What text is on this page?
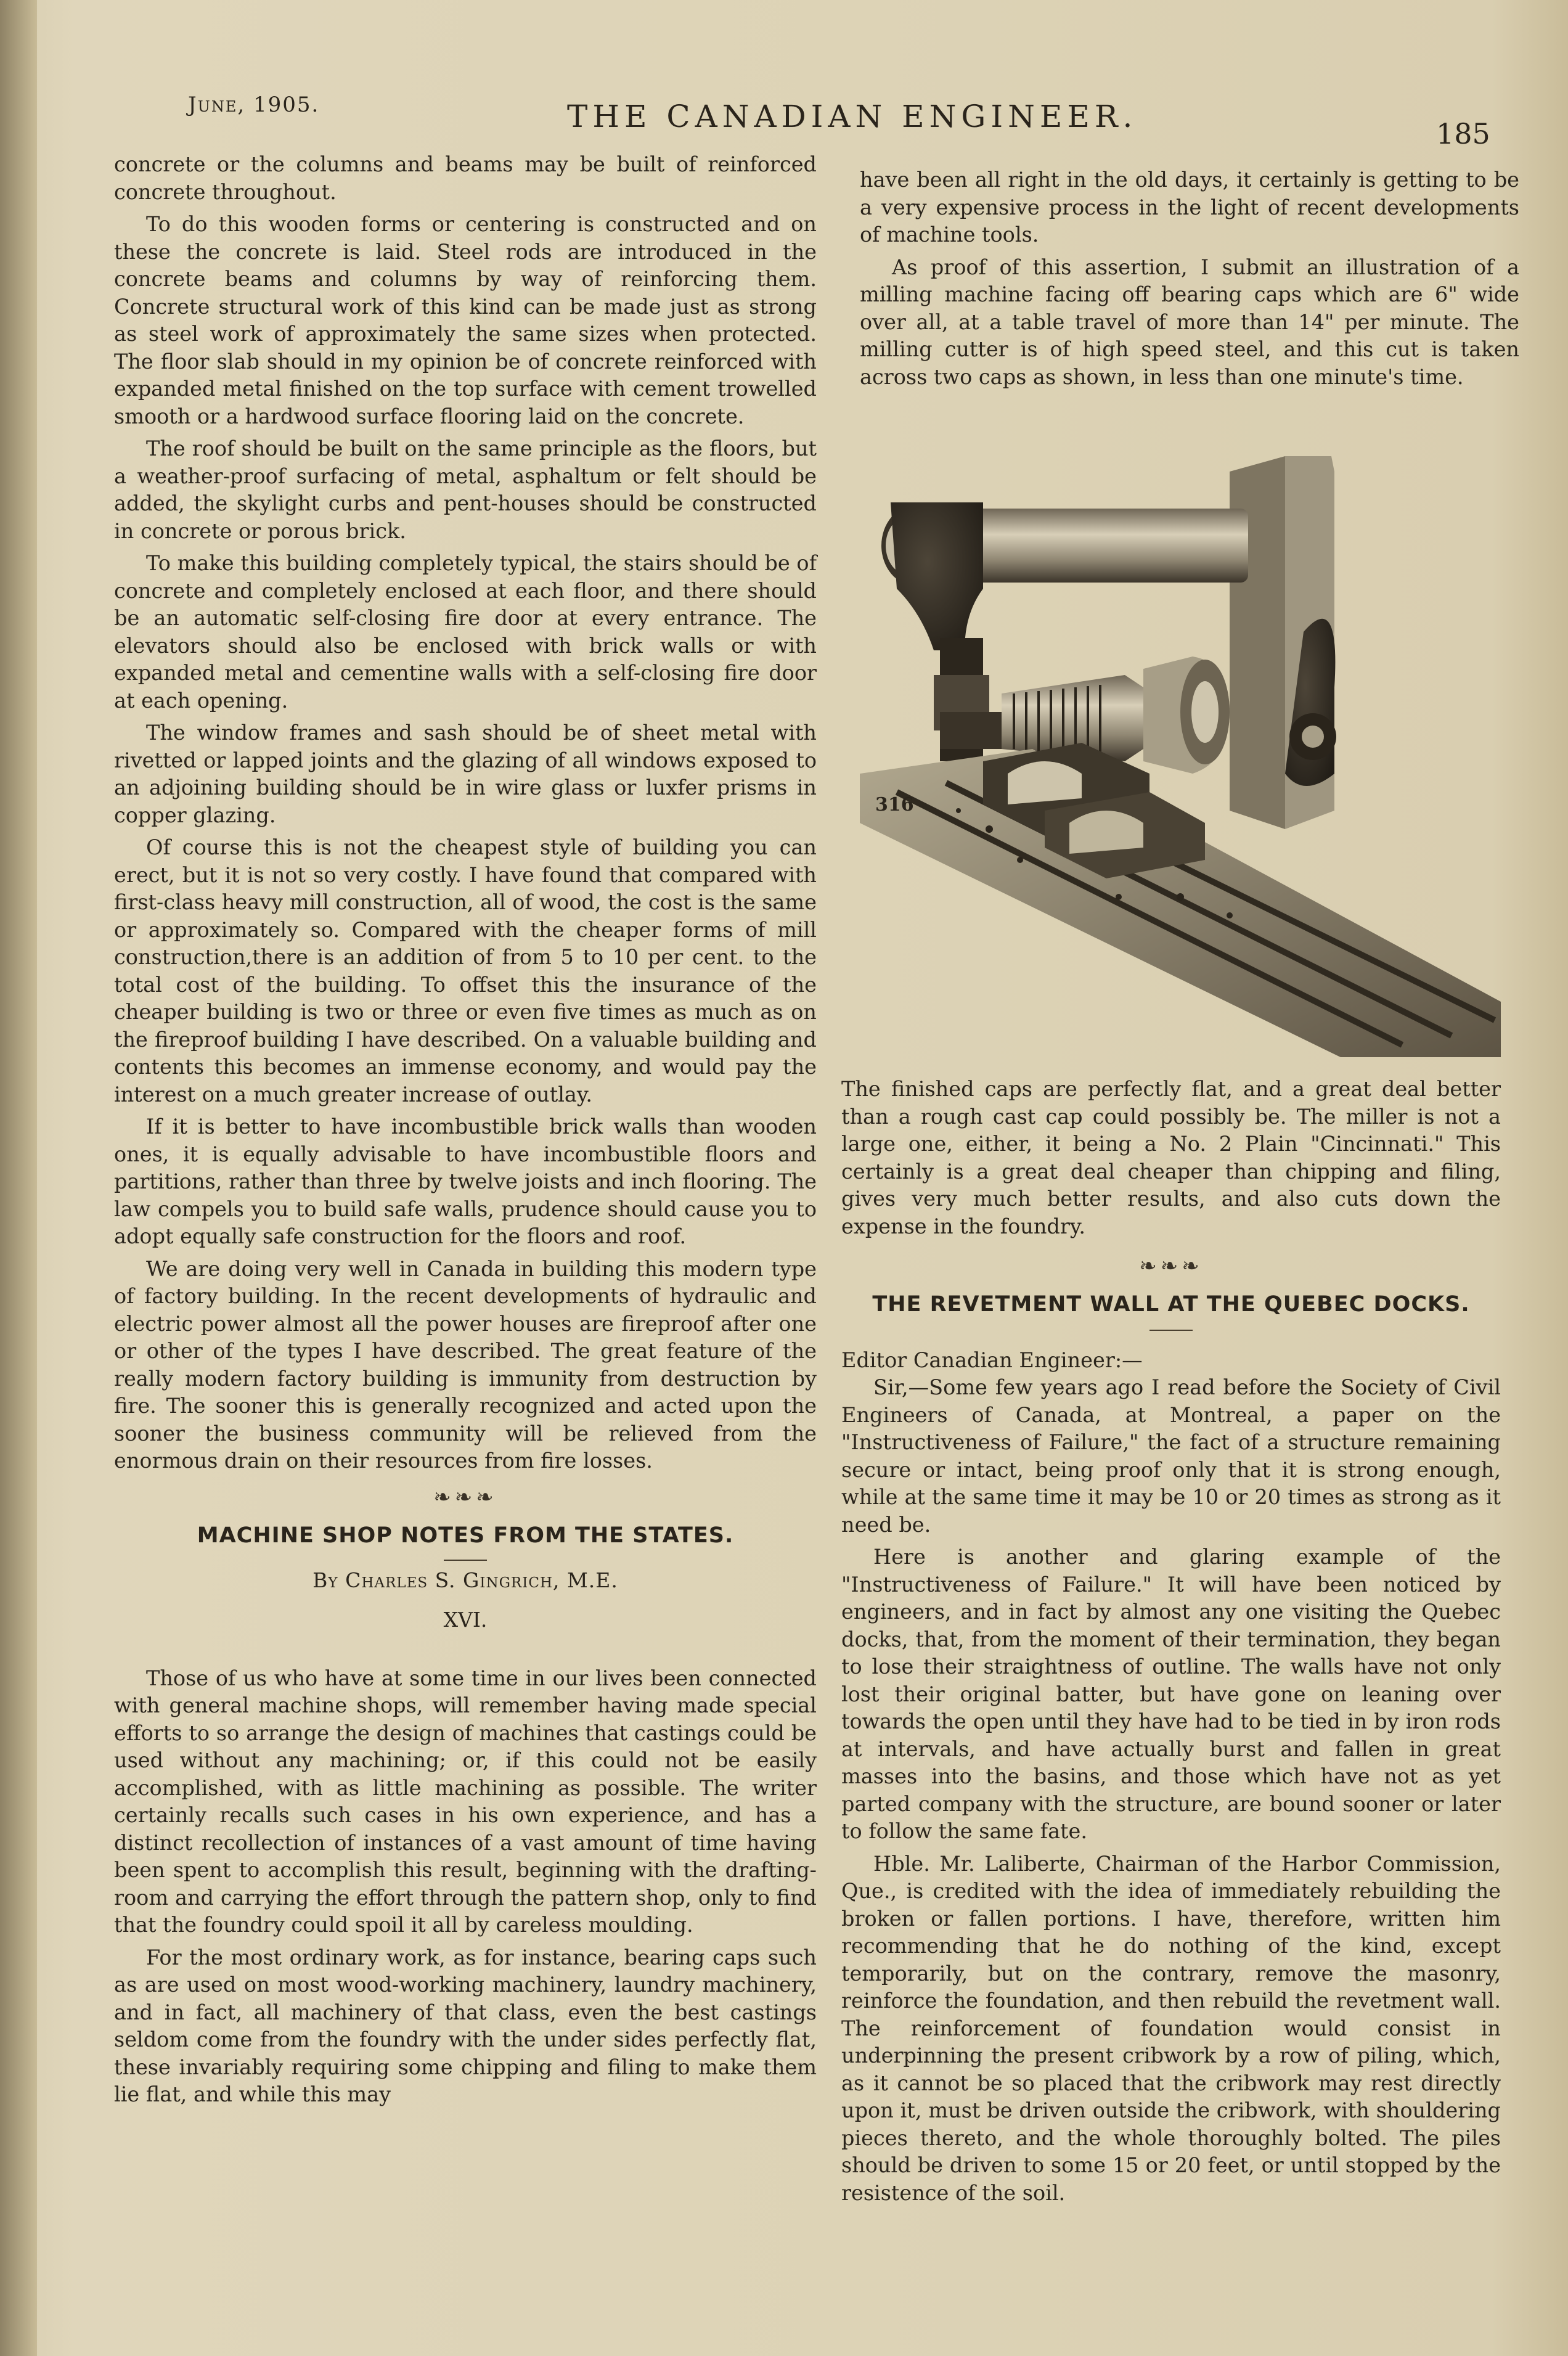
June, 1905.	THE CANADIAN ENGINEER.	185

concrete or the columns and beams may be built of reinforced concrete throughout.

To do this wooden forms or centering is constructed and on these the concrete is laid. Steel rods are introduced in the concrete beams and columns by way of reinforcing them. Concrete structural work of this kind can be made just as strong as steel work of approximately the same sizes when protected. The floor slab should in my opinion be of concrete reinforced with expanded metal finished on the top surface with cement trowelled smooth or a hardwood surface flooring laid on the concrete.

The roof should be built on the same principle as the floors, but a weather-proof surfacing of metal, asphaltum or felt should be added, the skylight curbs and pent-houses should be constructed in concrete or porous brick.

To make this building completely typical, the stairs should be of concrete and completely enclosed at each floor, and there should be an automatic self-closing fire door at every entrance. The elevators should also be enclosed with brick walls or with expanded metal and cementine walls with a self-closing fire door at each opening.

The window frames and sash should be of sheet metal with rivetted or lapped joints and the glazing of all windows exposed to an adjoining building should be in wire glass or luxfer prisms in copper glazing.

Of course this is not the cheapest style of building you can erect, but it is not so very costly. I have found that compared with first-class heavy mill construction, all of wood, the cost is the same or approximately so. Compared with the cheaper forms of mill construction,there is an addition of from 5 to 10 per cent. to the total cost of the building. To offset this the insurance of the cheaper building is two or three or even five times as much as on the fireproof building I have described. On a valuable building and contents this becomes an immense economy, and would pay the interest on a much greater increase of outlay.

If it is better to have incombustible brick walls than wooden ones, it is equally advisable to have incombustible floors and partitions, rather than three by twelve joists and inch flooring. The law compels you to build safe walls, prudence should cause you to adopt equally safe construction for the floors and roof.

We are doing very well in Canada in building this modern type of factory building. In the recent developments of hydraulic and electric power almost all the power houses are fireproof after one or other of the types I have described. The great feature of the really modern factory building is immunity from destruction by fire. The sooner this is generally recognized and acted upon the sooner the business community will be relieved from the enormous drain on their resources from fire losses.

❧❧❧
MACHINE SHOP NOTES FROM THE STATES.
By Charles S. Gingrich, M.E.
XVI.

Those of us who have at some time in our lives been connected with general machine shops, will remember having made special efforts to so arrange the design of machines that castings could be used without any machining; or, if this could not be easily accomplished, with as little machining as possible. The writer certainly recalls such cases in his own experience, and has a distinct recollection of instances of a vast amount of time having been spent to accomplish this result, beginning with the drafting-room and carrying the effort through the pattern shop, only to find that the foundry could spoil it all by careless moulding.

For the most ordinary work, as for instance, bearing caps such as are used on most wood-working machinery, laundry machinery, and in fact, all machinery of that class, even the best castings seldom come from the foundry with the under sides perfectly flat, these invariably requiring some chipping and filing to make them lie flat, and while this may

have been all right in the old days, it certainly is getting to be a very expensive process in the light of recent developments of machine tools.

As proof of this assertion, I submit an illustration of a milling machine facing off bearing caps which are 6" wide over all, at a table travel of more than 14" per minute. The milling cutter is of high speed steel, and this cut is taken across two caps as shown, in less than one minute's time.

316

The finished caps are perfectly flat, and a great deal better than a rough cast cap could possibly be. The miller is not a large one, either, it being a No. 2 Plain "Cincinnati." This certainly is a great deal cheaper than chipping and filing, gives very much better results, and also cuts down the expense in the foundry.

❧❧❧
THE REVETMENT WALL AT THE QUEBEC DOCKS.

Editor Canadian Engineer:—

Sir,—Some few years ago I read before the Society of Civil Engineers of Canada, at Montreal, a paper on the "Instructiveness of Failure," the fact of a structure remaining secure or intact, being proof only that it is strong enough, while at the same time it may be 10 or 20 times as strong as it need be.

Here is another and glaring example of the "Instructiveness of Failure." It will have been noticed by engineers, and in fact by almost any one visiting the Quebec docks, that, from the moment of their termination, they began to lose their straightness of outline. The walls have not only lost their original batter, but have gone on leaning over towards the open until they have had to be tied in by iron rods at intervals, and have actually burst and fallen in great masses into the basins, and those which have not as yet parted company with the structure, are bound sooner or later to follow the same fate.

Hble. Mr. Laliberte, Chairman of the Harbor Commission, Que., is credited with the idea of immediately rebuilding the broken or fallen portions. I have, therefore, written him recommending that he do nothing of the kind, except temporarily, but on the contrary, remove the masonry, reinforce the foundation, and then rebuild the revetment wall. The reinforcement of foundation would consist in underpinning the present cribwork by a row of piling, which, as it cannot be so placed that the cribwork may rest directly upon it, must be driven outside the cribwork, with shouldering pieces thereto, and the whole thoroughly bolted. The piles should be driven to some 15 or 20 feet, or until stopped by the resistence of the soil.
